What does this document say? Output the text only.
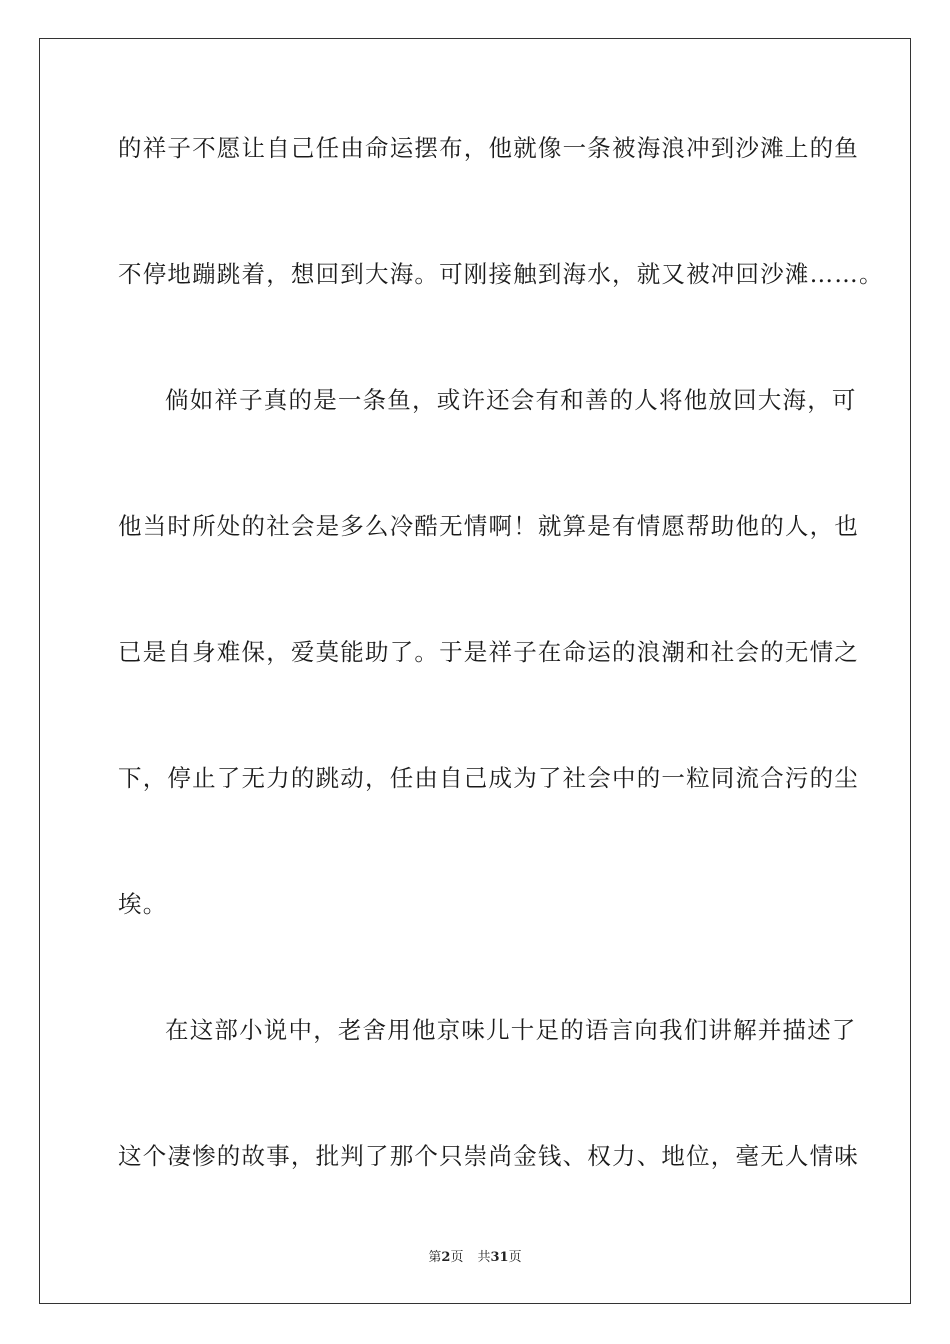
的祥子不愿让自己任由命运摆布，他就像一条被海浪冲到沙滩上的鱼
不停地蹦跳着，想回到大海。可刚接触到海水，就又被冲回沙滩……。
倘如祥子真的是一条鱼，或许还会有和善的人将他放回大海，可
他当时所处的社会是多么冷酷无情啊！就算是有情愿帮助他的人，也
已是自身难保，爱莫能助了。于是祥子在命运的浪潮和社会的无情之
下，停止了无力的跳动，任由自己成为了社会中的一粒同流合污的尘
埃。
在这部小说中，老舍用他京味儿十足的语言向我们讲解并描述了
这个凄惨的故事，批判了那个只崇尚金钱、权力、地位，毫无人情味
第2页 共31页
